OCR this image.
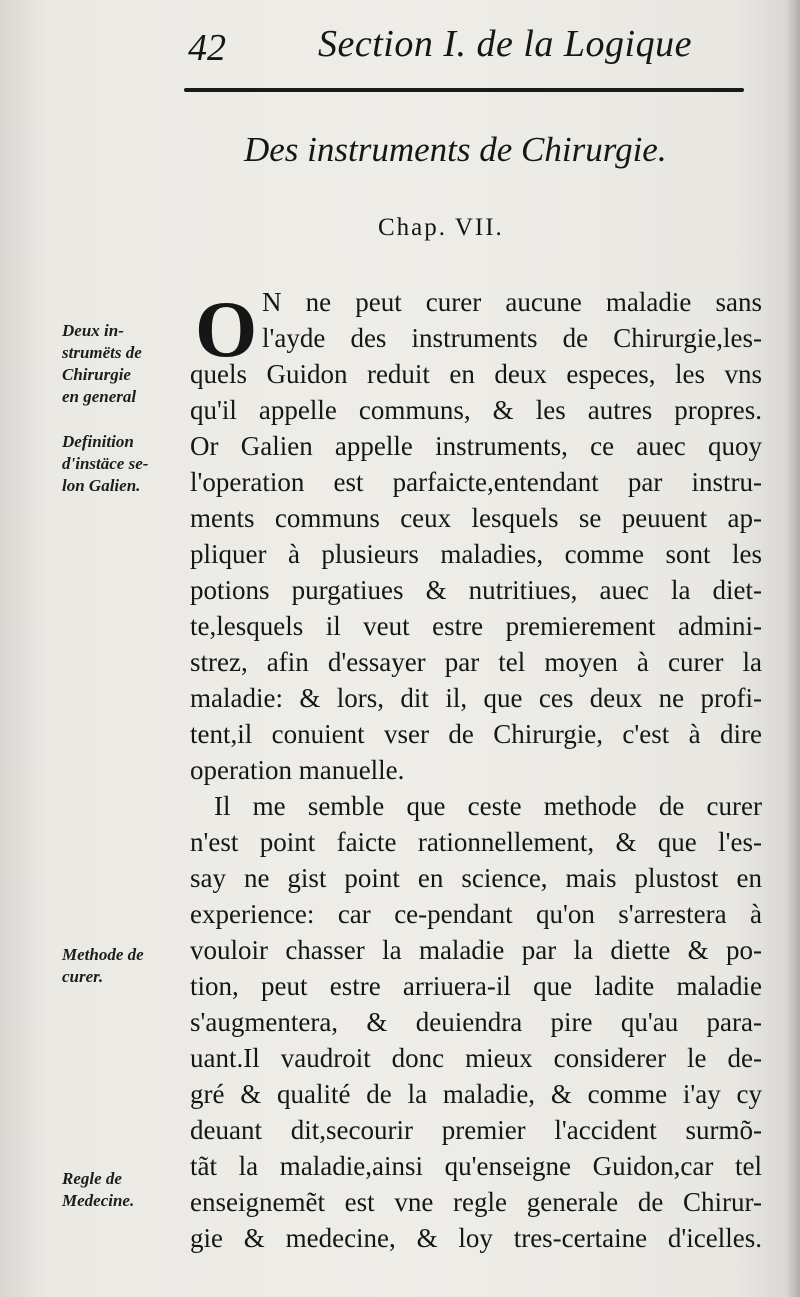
42 Section I. de la Logique
Des instruments de Chirurgie.
Chap. VII.
O
Deux in-
strumëts de
Chirurgie
en general
Definition
d'instäce se-
lon Galien.
Methode de
curer.
Regle de
Medecine.
N ne peut curer aucune maladie sans
l'ayde des instruments de Chirurgie,les-
quels Guidon reduit en deux especes, les vns
qu'il appelle communs, & les autres propres.
Or Galien appelle instruments, ce auec quoy
l'operation est parfaicte,entendant par instru-
ments communs ceux lesquels se peuuent ap-
pliquer à plusieurs maladies, comme sont les
potions purgatiues & nutritiues, auec la diet-
te,lesquels il veut estre premierement admini-
strez, afin d'essayer par tel moyen à curer la
maladie: & lors, dit il, que ces deux ne profi-
tent,il conuient vser de Chirurgie, c'est à dire
operation manuelle.
Il me semble que ceste methode de curer
n'est point faicte rationnellement, & que l'es-
say ne gist point en science, mais plustost en
experience: car ce-pendant qu'on s'arrestera à
vouloir chasser la maladie par la diette & po-
tion, peut estre arriuera-il que ladite maladie
s'augmentera, & deuiendra pire qu'au para-
uant.Il vaudroit donc mieux considerer le de-
gré & qualité de la maladie, & comme i'ay cy
deuant dit,secourir premier l'accident surmõ-
tãt la maladie,ainsi qu'enseigne Guidon,car tel
enseignemẽt est vne regle generale de Chirur-
gie & medecine, & loy tres-certaine d'icelles.
